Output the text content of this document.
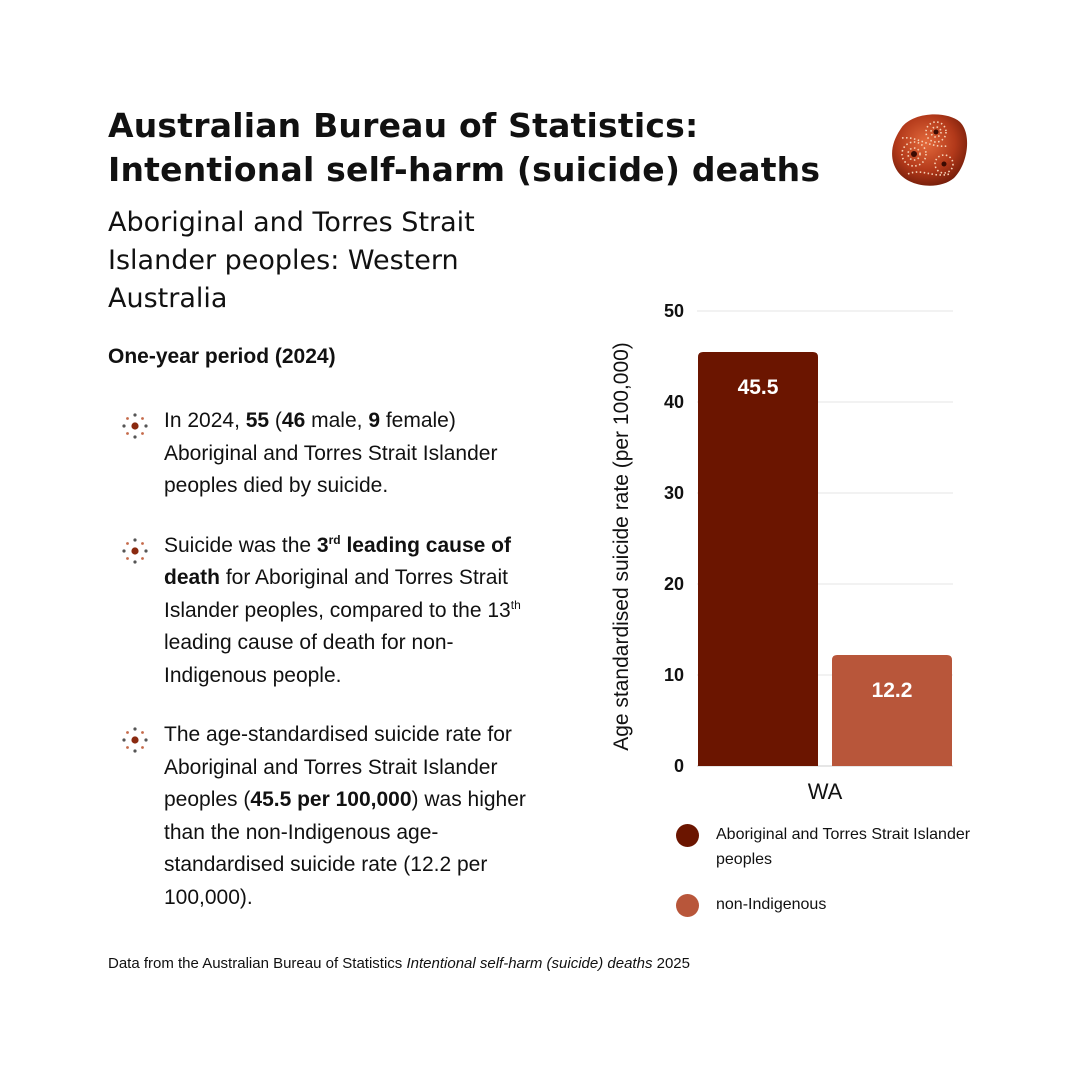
Australian Bureau of Statistics:
Intentional self-harm (suicide) deaths
Aboriginal and Torres Strait Islander peoples: Western Australia
One-year period (2024)
In 2024, 55 (46 male, 9 female) Aboriginal and Torres Strait Islander peoples died by suicide.
Suicide was the 3rd leading cause of death for Aboriginal and Torres Strait Islander peoples, compared to the 13th leading cause of death for non-Indigenous people.
The age-standardised suicide rate for Aboriginal and Torres Strait Islander peoples (45.5 per 100,000) was higher than the non-Indigenous age-standardised suicide rate (12.2 per 100,000).
0
10
20
30
40
50
45.5
12.2
WA
Age standardised suicide rate (per 100,000)
Aboriginal and Torres Strait Islander peoples
non-Indigenous
Data from the Australian Bureau of Statistics Intentional self-harm (suicide) deaths 2025
